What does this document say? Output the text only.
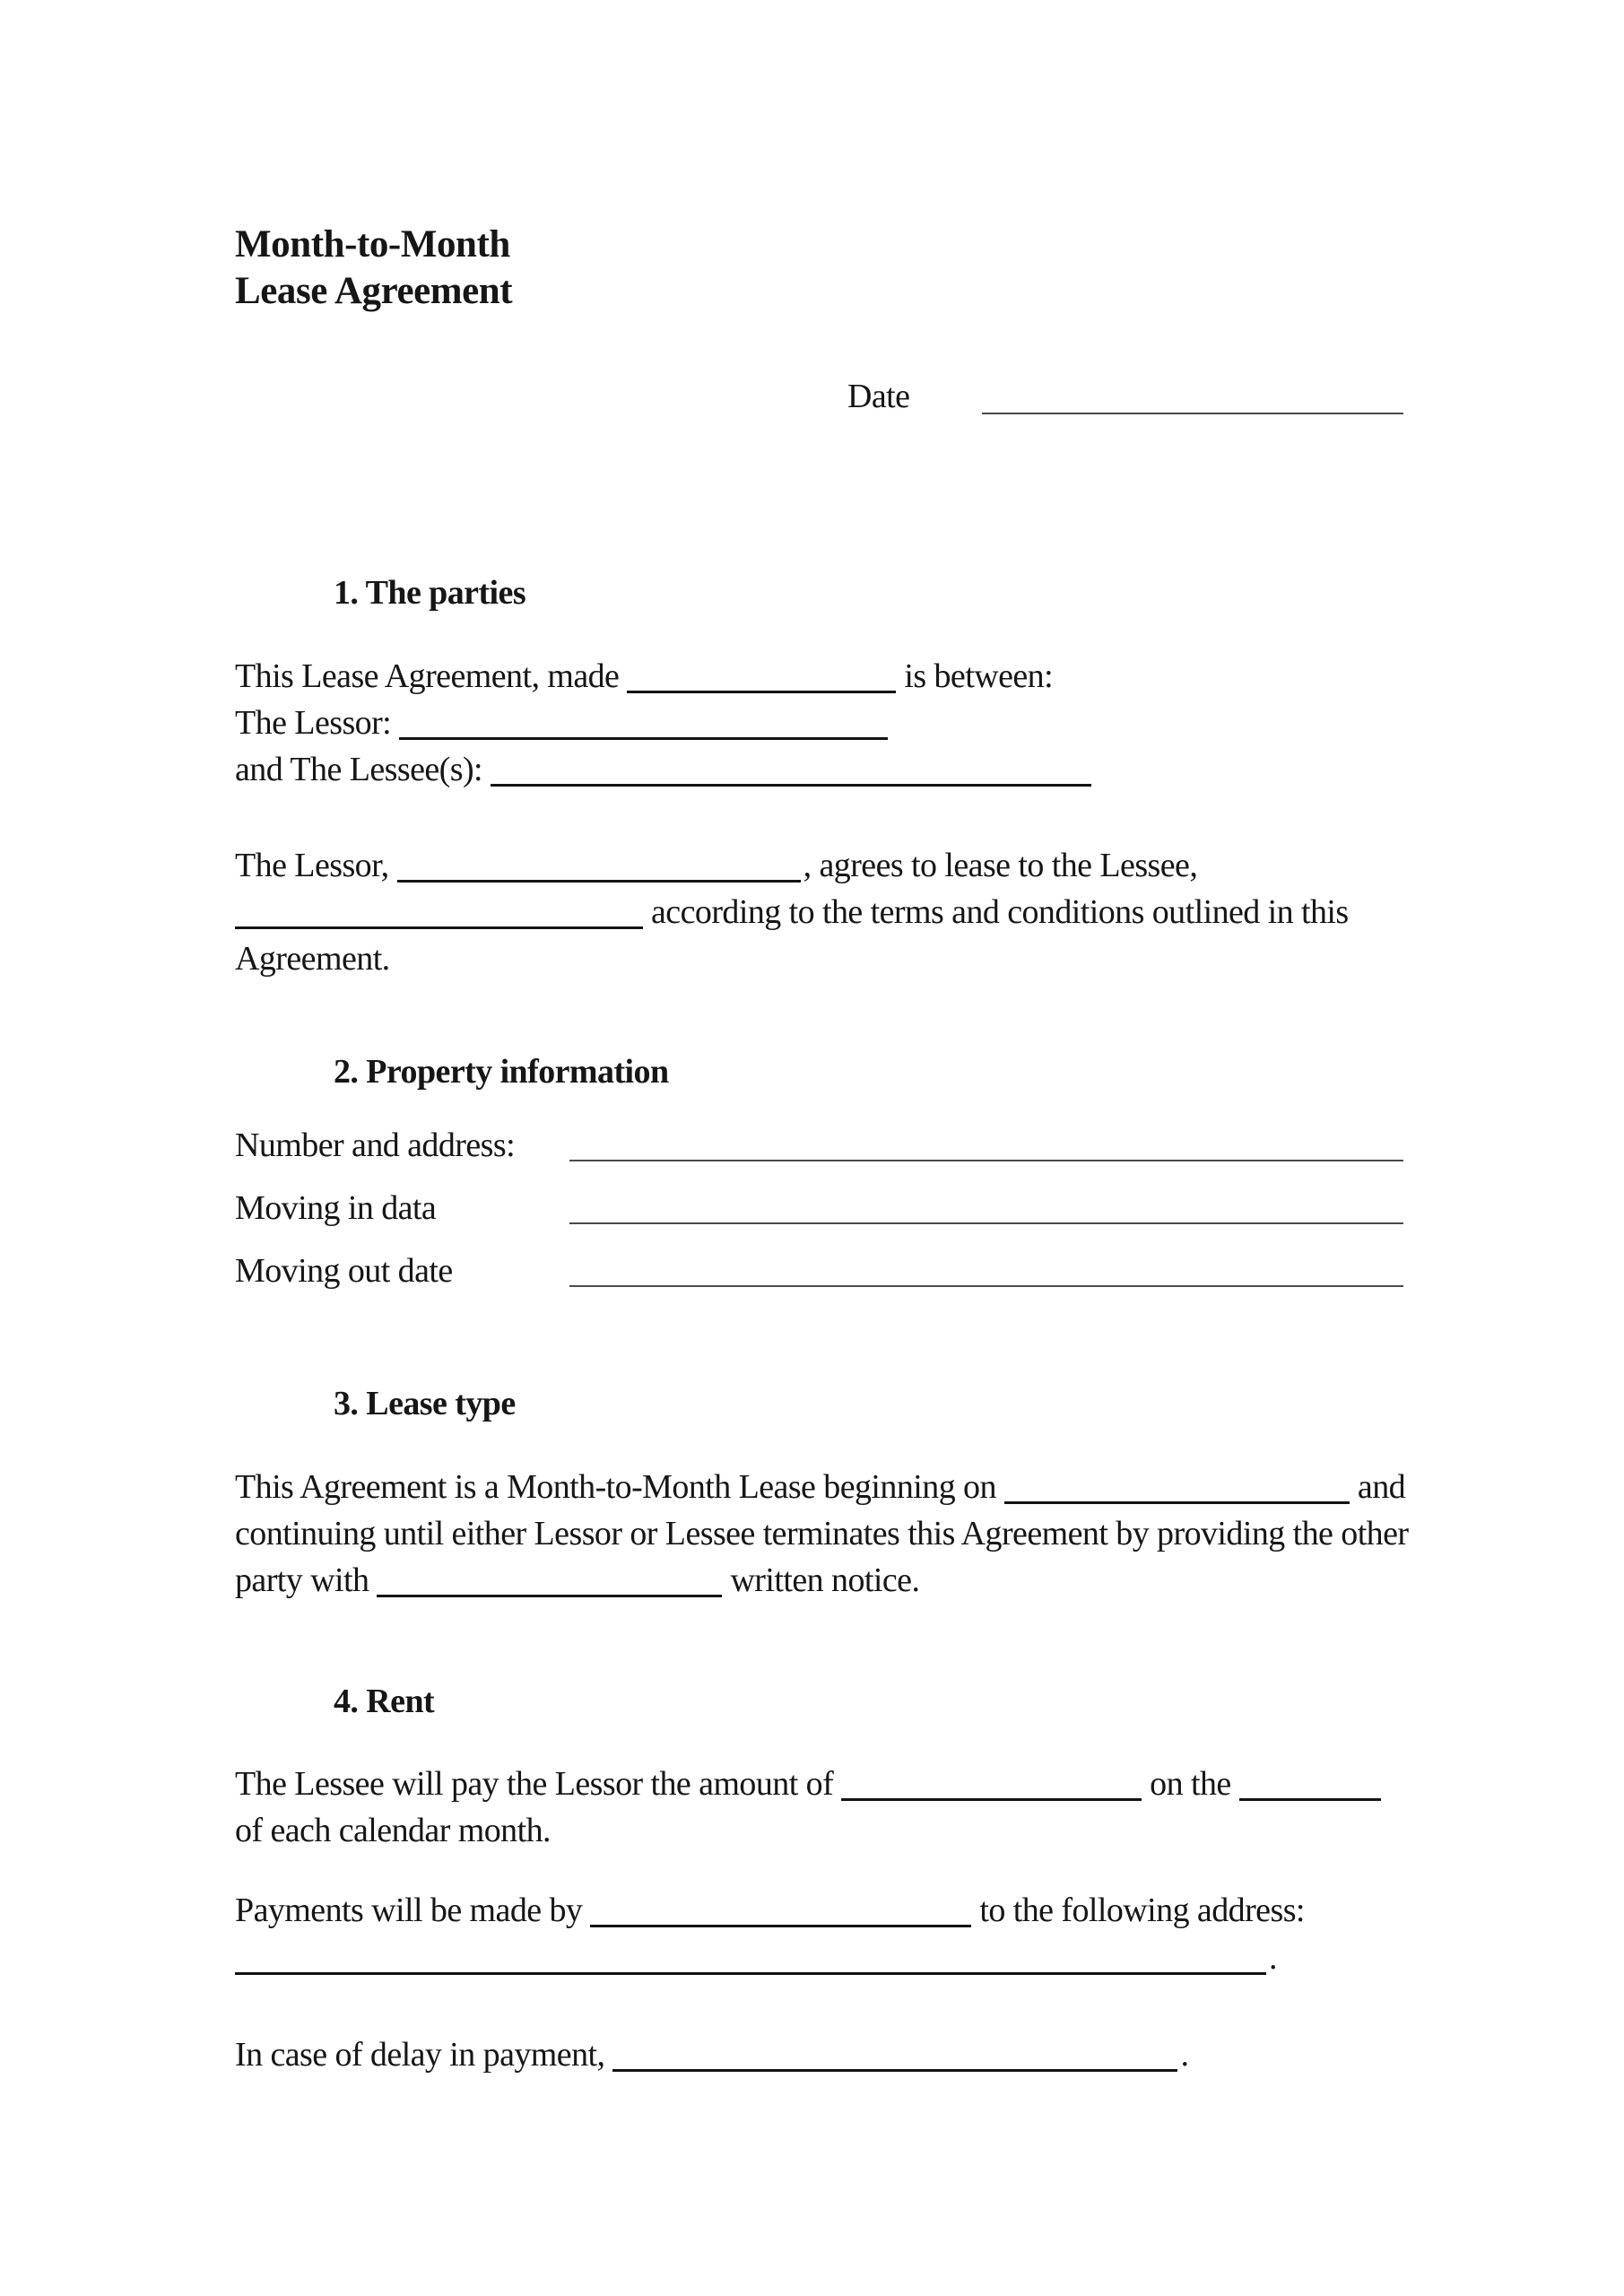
Month-to-Month
Lease Agreement
Date
1. The parties
This Lease Agreement, made	is between:
The Lessor:
and The Lessee(s):
The Lessor,	, agrees to lease to the Lessee,
according to the terms and conditions outlined in this
Agreement.
2. Property information
Number and address:
Moving in data
Moving out date
3. Lease type
This Agreement is a Month-to-Month Lease beginning on	and
continuing until either Lessor or Lessee terminates this Agreement by providing the other
party with	written notice.
4. Rent
The Lessee will pay the Lessor the amount of	on the
of each calendar month.
Payments will be made by	to the following address:
.
In case of delay in payment,	.
